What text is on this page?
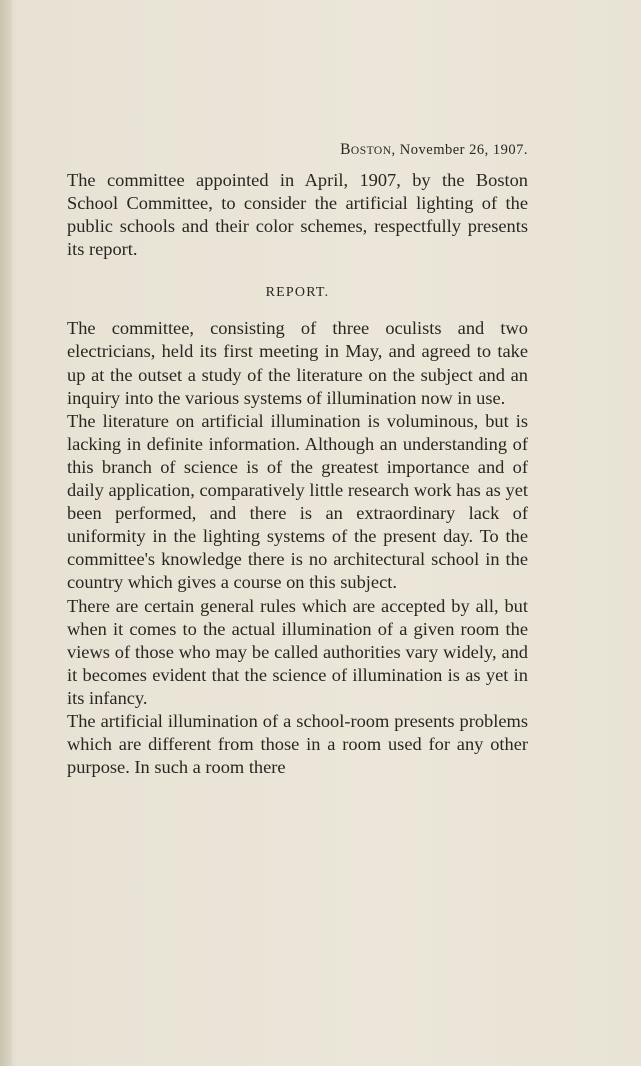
BOSTON, November 26, 1907.

The committee appointed in April, 1907, by the Boston School Committee, to consider the artificial lighting of the public schools and their color schemes, respectfully presents its report.

REPORT.

The committee, consisting of three oculists and two electricians, held its first meeting in May, and agreed to take up at the outset a study of the literature on the subject and an inquiry into the various systems of illumination now in use.

The literature on artificial illumination is voluminous, but is lacking in definite information. Although an understanding of this branch of science is of the greatest importance and of daily application, comparatively little research work has as yet been performed, and there is an extraordinary lack of uniformity in the lighting systems of the present day. To the committee's knowledge there is no architectural school in the country which gives a course on this subject.

There are certain general rules which are accepted by all, but when it comes to the actual illumination of a given room the views of those who may be called authorities vary widely, and it becomes evident that the science of illumination is as yet in its infancy.

The artificial illumination of a school-room presents problems which are different from those in a room used for any other purpose. In such a room there
